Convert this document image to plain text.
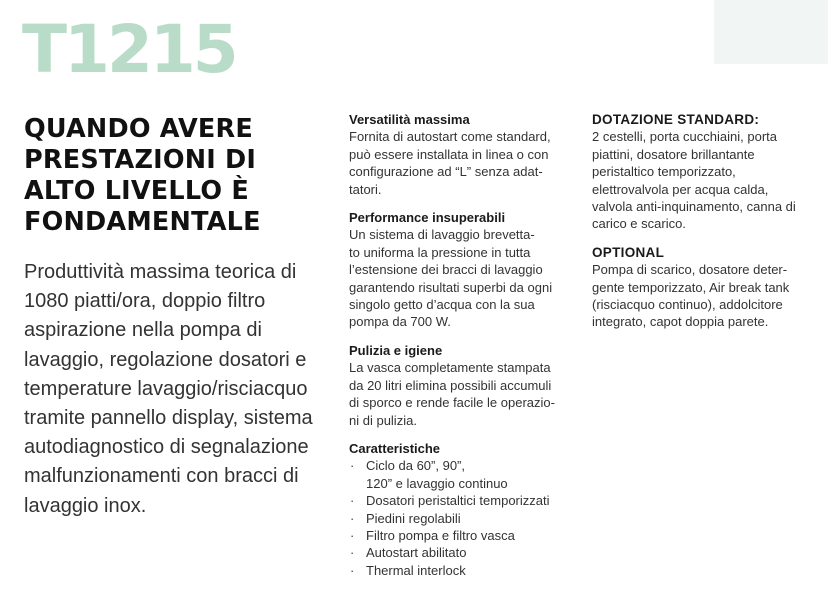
T1215
QUANDO AVERE
PRESTAZIONI DI
ALTO LIVELLO È
FONDAMENTALE

Produttività massima teorica di
1080 piatti/ora, doppio filtro
aspirazione nella pompa di
lavaggio, regolazione dosatori e
temperature lavaggio/risciacquo
tramite pannello display, sistema
autodiagnostico di segnalazione
malfunzionamenti con bracci di
lavaggio inox.

Versatilità massima

Fornita di autostart come standard,
può essere installata in linea o con
configurazione ad “L” senza adat-
tatori.

Performance insuperabili

Un sistema di lavaggio brevetta-
to uniforma la pressione in tutta
l’estensione dei bracci di lavaggio
garantendo risultati superbi da ogni
singolo getto d’acqua con la sua
pompa da 700 W.

Pulizia e igiene

La vasca completamente stampata
da 20 litri elimina possibili accumuli
di sporco e rende facile le operazio-
ni di pulizia.

Caratteristiche

· Ciclo da 60”, 90”,
120” e lavaggio continuo
· Dosatori peristaltici temporizzati
· Piedini regolabili
· Filtro pompa e filtro vasca
· Autostart abilitato
· Thermal interlock

DOTAZIONE STANDARD:

2 cestelli, porta cucchiaini, porta
piattini, dosatore brillantante
peristaltico temporizzato,
elettrovalvola per acqua calda,
valvola anti-inquinamento, canna di
carico e scarico.

OPTIONAL

Pompa di scarico, dosatore deter-
gente temporizzato, Air break tank
(risciacquo continuo), addolcitore
integrato, capot doppia parete.
